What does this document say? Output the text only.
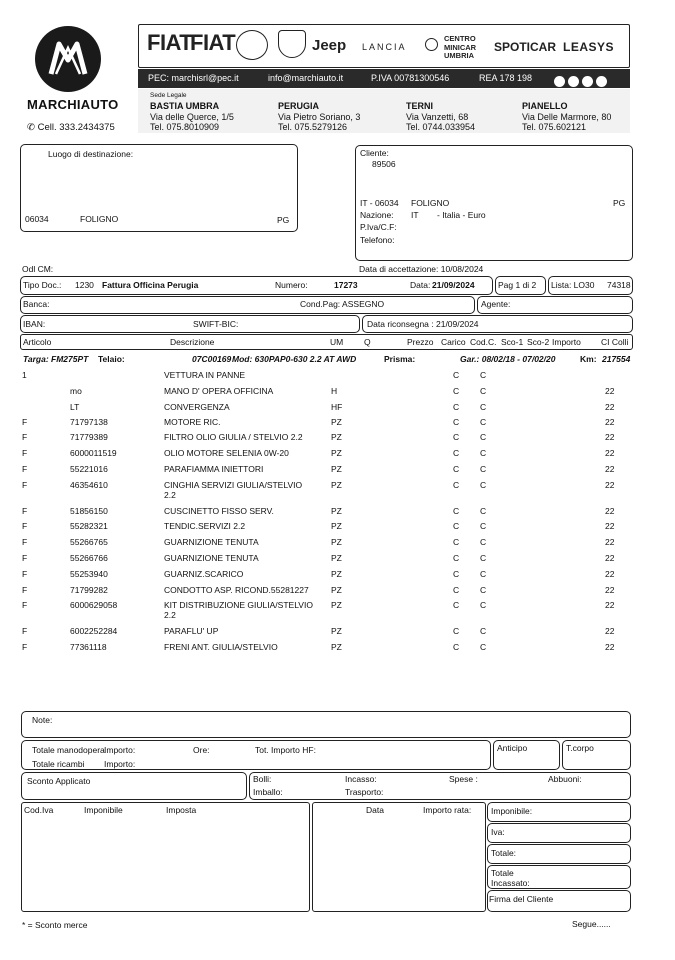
MARCHIAUTO
✆ Cell. 333.2434375
FIAT
FIAT	Jeep LANCIA
CENTRO MINICAR UMBRIA
SPOTICAR LEASYS
PEC: marchisrl@pec.it	info@marchiauto.it	P.IVA 00781300546	REA 178 198
Sede Legale
BASTIA UMBRA
Via delle Querce, 1/5
Tel. 075.8010909
PERUGIA
Via Pietro Soriano, 3
Tel. 075.5279126
TERNI
Via Vanzetti, 68
Tel. 0744.033954
PIANELLO
Via Delle Marmore, 80
Tel. 075.602121
Luogo di destinazione:
06034	FOLIGNO	PG
Cliente:
89506
IT - 06034 FOLIGNO	PG
Nazione: IT - Italia - Euro
P.Iva/C.F:
Telefono:
Odl CM:	Data di accettazione: 10/08/2024
Tipo Doc.: 1230 Fattura Officina Perugia	Numero:	17273	Data: 21/09/2024	Pag 1 di 2 Lista: LO30 74318
Banca:	Cond.Pag: ASSEGNO	Agente:
IBAN:	SWIFT-BIC:	Data riconsegna : 21/09/2024
Articolo	Descrizione	UM Q	Prezzo Carico Cod.C. Sco-1 Sco-2 Importo CI Colli
Targa: FM275PT Telaio:	07C00169 Mod: 630PAP0-630 2.2 AT AWD	Prisma:	Gar.: 08/02/18 - 07/02/20	Km: 217554
1	VETTURA IN PANNE	C C
mo	MANO D' OPERA OFFICINA	H	C C	22
LT	CONVERGENZA	HF	C C	22
F	71797138	MOTORE RIC.	PZ	C C	22
F	71779389	FILTRO OLIO GIULIA / STELVIO 2.2	PZ	C C	22
F	6000011519	OLIO MOTORE SELENIA 0W-20	PZ	C C	22
F	55221016	PARAFIAMMA INIETTORI	PZ	C C	22
F	46354610	CINGHIA SERVIZI GIULIA/STELVIO	PZ	C C	22
2.2
F	51856150	CUSCINETTO FISSO SERV.	PZ	C C	22
F	55282321	TENDIC.SERVIZI 2.2	PZ	C C	22
F	55266765	GUARNIZIONE TENUTA	PZ	C C	22
F	55266766	GUARNIZIONE TENUTA	PZ	C C	22
F	55253940	GUARNIZ.SCARICO	PZ	C C	22
F	71799282	CONDOTTO ASP. RICOND.55281227	PZ	C C	22
F	6000629058	KIT DISTRIBUZIONE GIULIA/STELVIO PZ	C C	22
2.2
F	6002252284	PARAFLU' UP	PZ	C C	22
F	77361118	FRENI ANT. GIULIA/STELVIO	PZ	C C	22
Note:
Totale manodopera Importo:	Ore:	Tot. Importo HF:
Totale ricambi Importo:
Anticipo	T.corpo
Sconto Applicato	Bolli:
Imballo:
Incasso:
Trasporto:
Spese :	Abbuoni:
Cod.Iva	Imponibile	Imposta	Data	Importo rata: Imponibile:
Iva:
Totale:
Totale
Incassato:
Firma del Cliente
* = Sconto merce	Segue......
